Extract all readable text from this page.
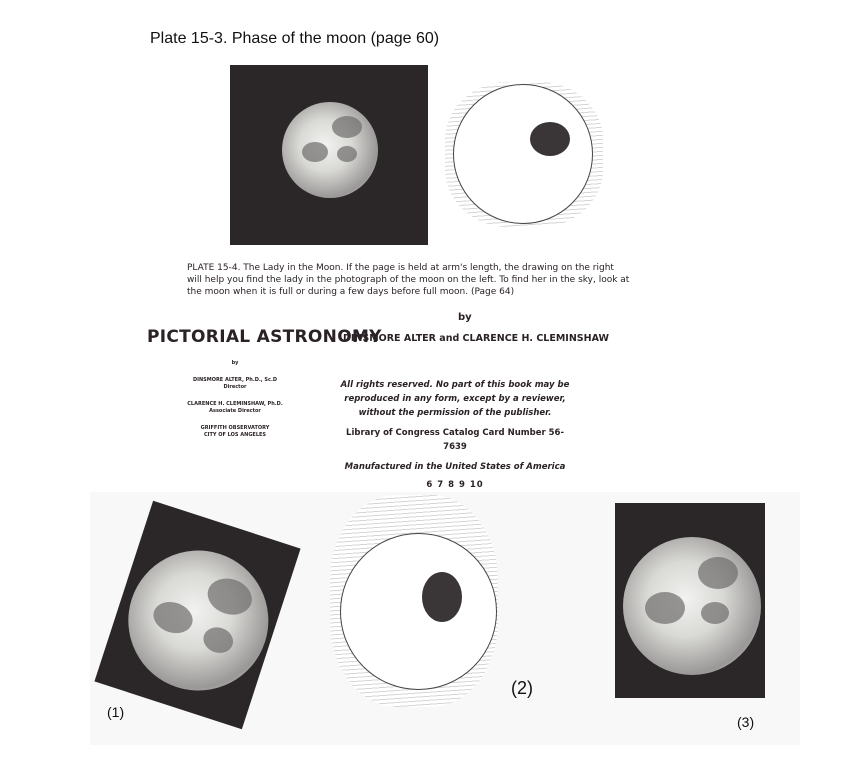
Plate 15-3. Phase of the moon (page 60)
PLATE 15-4. The Lady in the Moon. If the page is held at arm's length, the drawing on the right
will help you find the lady in the photograph of the moon on the left. To find her in the sky, look at
the moon when it is full or during a few days before full moon. (Page 64)
by
PICTORIAL ASTRONOMY
DINSMORE ALTER and CLARENCE H. CLEMINSHAW
by
DINSMORE ALTER, Ph.D., Sc.D
Director
CLARENCE H. CLEMINSHAW, Ph.D.
Associate Director
GRIFFITH OBSERVATORY
CITY OF LOS ANGELES
All rights reserved. No part of this book may be
reproduced in any form, except by a reviewer,
without the permission of the publisher.
Library of Congress Catalog Card Number 56-7639
Manufactured in the United States of America
6 7 8 9 10
(1)
(2)
(3)
